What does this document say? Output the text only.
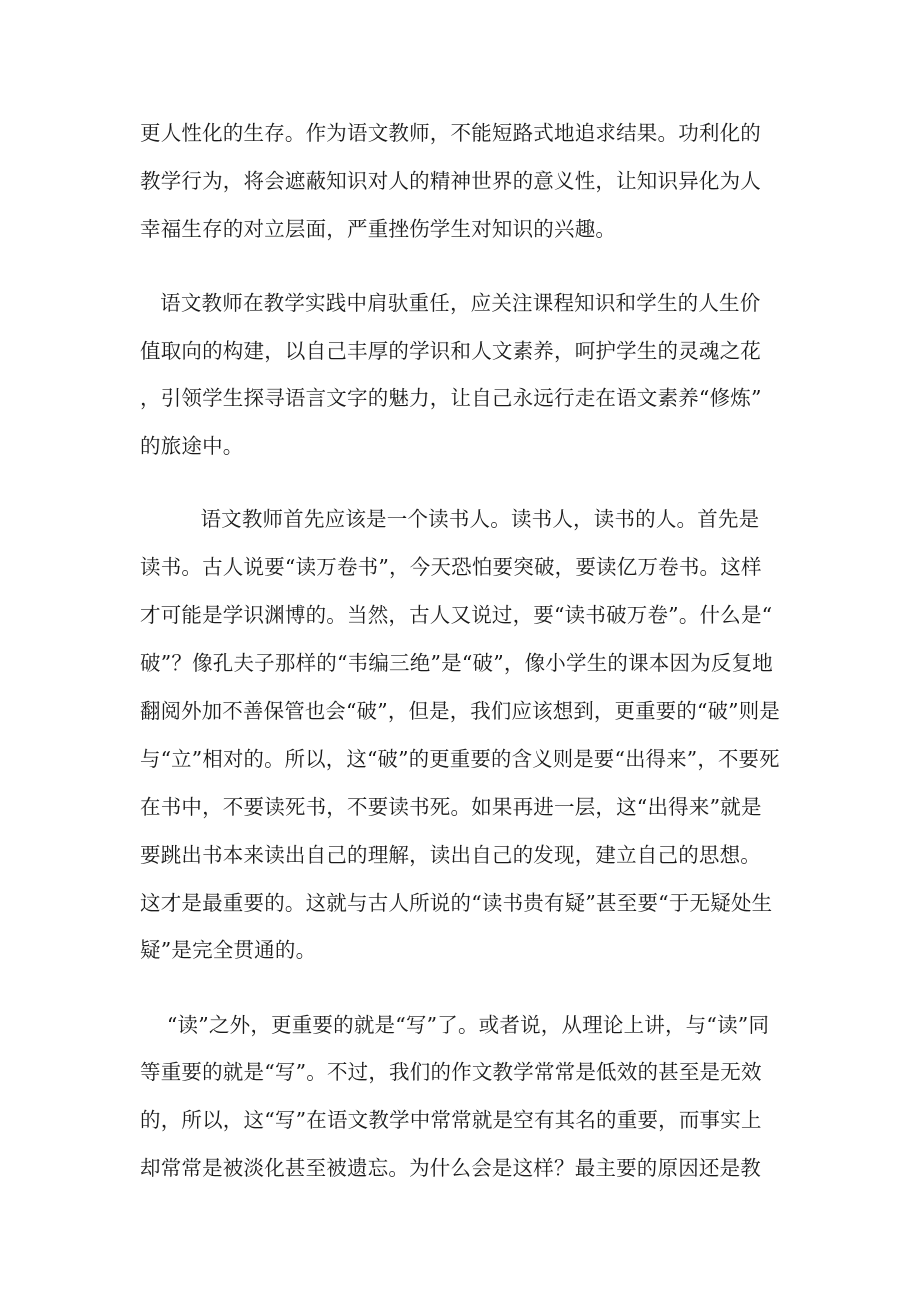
更人性化的生存。作为语文教师，不能短路式地追求结果。功利化的
教学行为，将会遮蔽知识对人的精神世界的意义性，让知识异化为人
幸福生存的对立层面，严重挫伤学生对知识的兴趣。
语文教师在教学实践中肩驮重任，应关注课程知识和学生的人生价
值取向的构建，以自己丰厚的学识和人文素养，呵护学生的灵魂之花
，引领学生探寻语言文字的魅力，让自己永远行走在语文素养“修炼”
的旅途中。
语文教师首先应该是一个读书人。读书人，读书的人。首先是
读书。古人说要“读万卷书”，今天恐怕要突破，要读亿万卷书。这样
才可能是学识渊博的。当然，古人又说过，要“读书破万卷”。什么是“
破”？像孔夫子那样的“韦编三绝”是“破”，像小学生的课本因为反复地
翻阅外加不善保管也会“破”，但是，我们应该想到，更重要的“破”则是
与“立”相对的。所以，这“破”的更重要的含义则是要“出得来”，不要死
在书中，不要读死书，不要读书死。如果再进一层，这“出得来”就是
要跳出书本来读出自己的理解，读出自己的发现，建立自己的思想。
这才是最重要的。这就与古人所说的“读书贵有疑”甚至要“于无疑处生
疑”是完全贯通的。
“读”之外，更重要的就是“写”了。或者说，从理论上讲，与“读”同
等重要的就是“写”。不过，我们的作文教学常常是低效的甚至是无效
的，所以，这“写”在语文教学中常常就是空有其名的重要，而事实上
却常常是被淡化甚至被遗忘。为什么会是这样？最主要的原因还是教
